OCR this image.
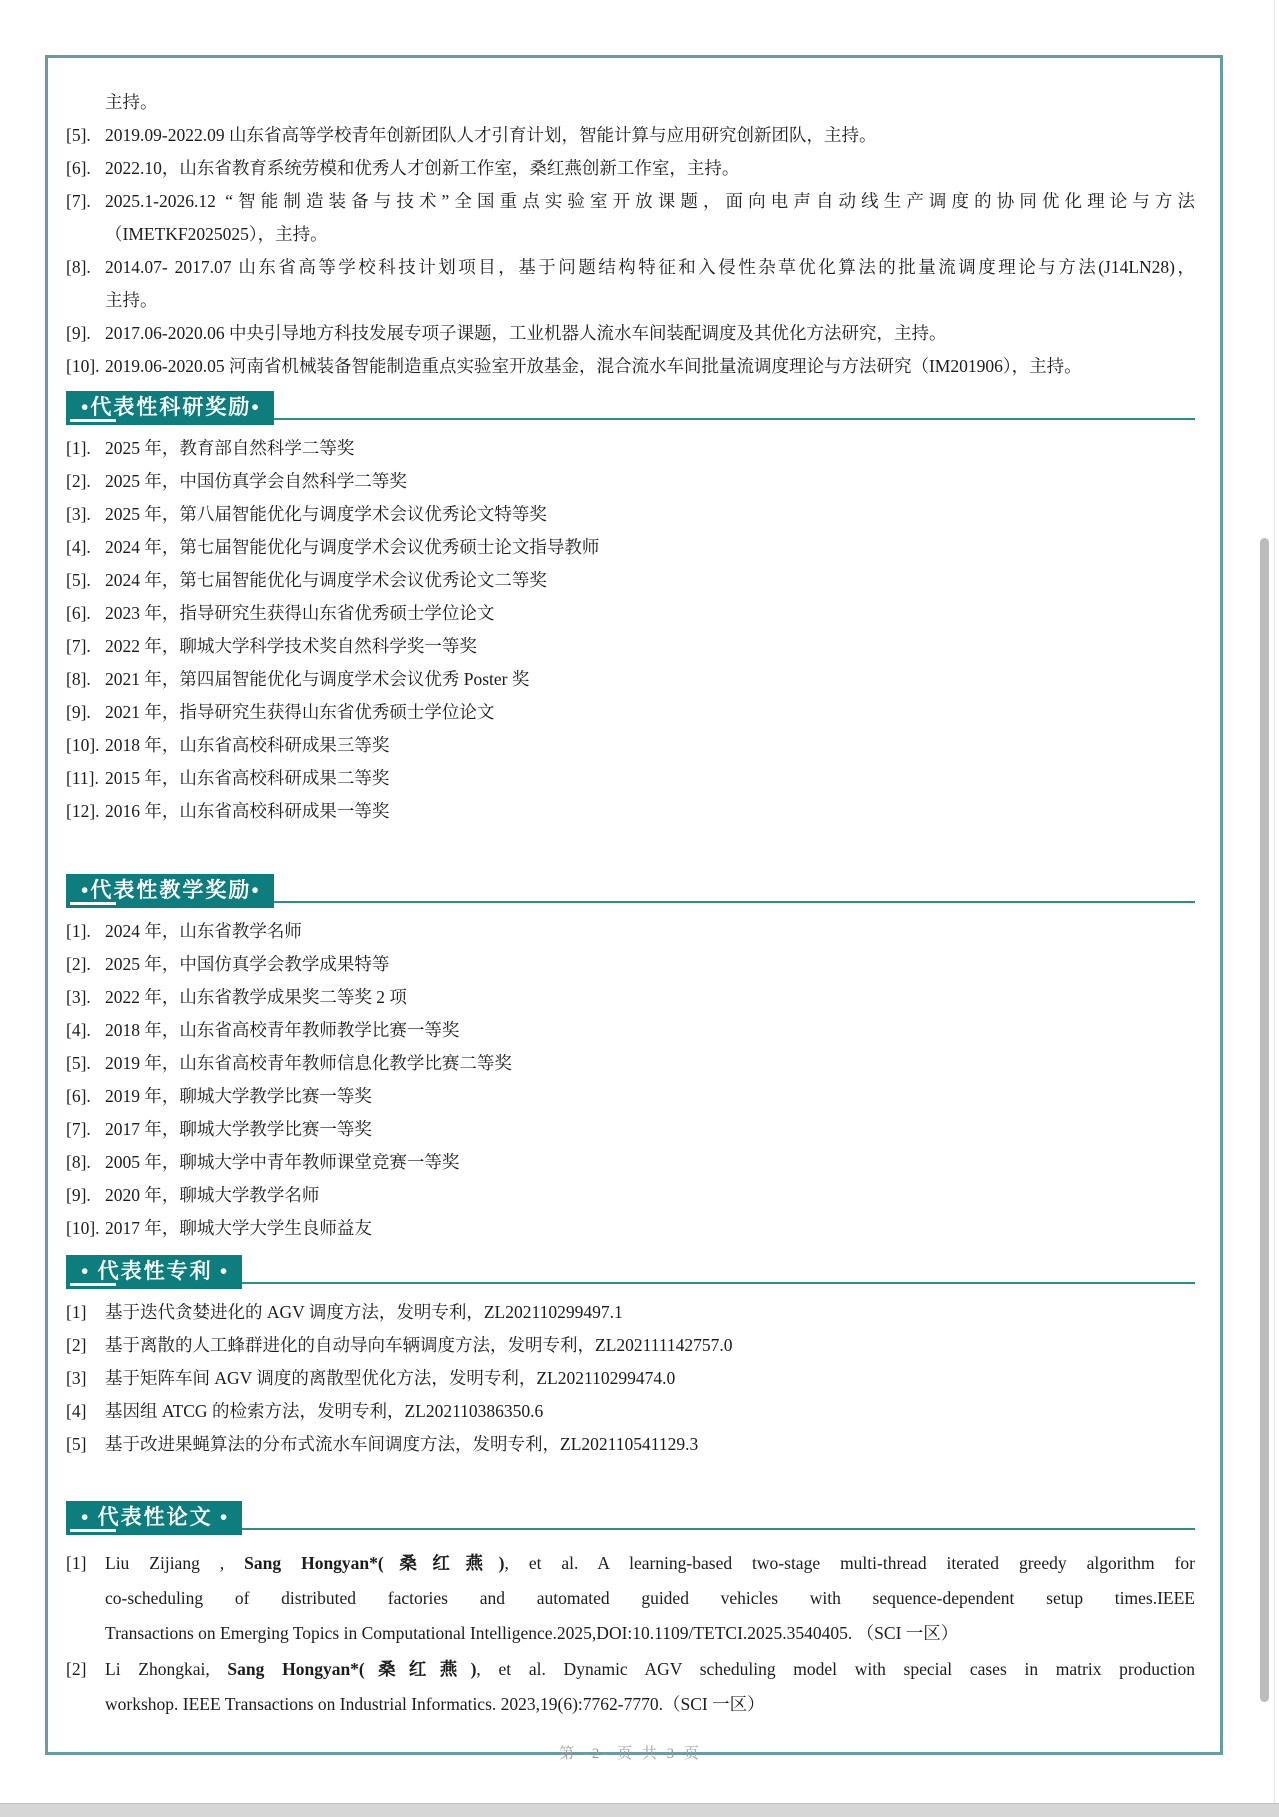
主持。
[5]. 2019.09-2022.09 山东省高等学校青年创新团队人才引育计划，智能计算与应用研究创新团队，主持。
[6]. 2022.10，山东省教育系统劳模和优秀人才创新工作室，桑红燕创新工作室，主持。
[7]. 2025.1-2026.12 “智能制造装备与技术”全国重点实验室开放课题，面向电声自动线生产调度的协同优化理论与方法
（IMETKF2025025），主持。
[8]. 2014.07- 2017.07 山东省高等学校科技计划项目，基于问题结构特征和入侵性杂草优化算法的批量流调度理论与方法(J14LN28)，
主持。
[9]. 2017.06-2020.06 中央引导地方科技发展专项子课题，工业机器人流水车间装配调度及其优化方法研究，主持。
[10]. 2019.06-2020.05 河南省机械装备智能制造重点实验室开放基金，混合流水车间批量流调度理论与方法研究（IM201906），主持。
•代表性科研奖励•
[1]. 2025 年，教育部自然科学二等奖
[2]. 2025 年，中国仿真学会自然科学二等奖
[3]. 2025 年，第八届智能优化与调度学术会议优秀论文特等奖
[4]. 2024 年，第七届智能优化与调度学术会议优秀硕士论文指导教师
[5]. 2024 年，第七届智能优化与调度学术会议优秀论文二等奖
[6]. 2023 年，指导研究生获得山东省优秀硕士学位论文
[7]. 2022 年，聊城大学科学技术奖自然科学奖一等奖
[8]. 2021 年，第四届智能优化与调度学术会议优秀 Poster 奖
[9]. 2021 年，指导研究生获得山东省优秀硕士学位论文
[10]. 2018 年，山东省高校科研成果三等奖
[11]. 2015 年，山东省高校科研成果二等奖
[12]. 2016 年，山东省高校科研成果一等奖
•代表性教学奖励•
[1]. 2024 年，山东省教学名师
[2]. 2025 年，中国仿真学会教学成果特等
[3]. 2022 年，山东省教学成果奖二等奖 2 项
[4]. 2018 年，山东省高校青年教师教学比赛一等奖
[5]. 2019 年，山东省高校青年教师信息化教学比赛二等奖
[6]. 2019 年，聊城大学教学比赛一等奖
[7]. 2017 年，聊城大学教学比赛一等奖
[8]. 2005 年，聊城大学中青年教师课堂竞赛一等奖
[9]. 2020 年，聊城大学教学名师
[10]. 2017 年，聊城大学大学生良师益友
• 代表性专利 •
[1] 基于迭代贪婪进化的 AGV 调度方法，发明专利，ZL202110299497.1
[2] 基于离散的人工蜂群进化的自动导向车辆调度方法，发明专利，ZL202111142757.0
[3] 基于矩阵车间 AGV 调度的离散型优化方法，发明专利，ZL202110299474.0
[4] 基因组 ATCG 的检索方法，发明专利，ZL202110386350.6
[5] 基于改进果蝇算法的分布式流水车间调度方法，发明专利，ZL202110541129.3
• 代表性论文 •
[1] Liu Zijiang , Sang Hongyan*(桑红燕), et al. A learning-based two-stage multi-thread iterated greedy algorithm for
co-scheduling of distributed factories and automated guided vehicles with sequence-dependent setup times.IEEE
Transactions on Emerging Topics in Computational Intelligence.2025,DOI:10.1109/TETCI.2025.3540405. （SCI 一区）
[2] Li Zhongkai, Sang Hongyan*(桑红燕), et al. Dynamic AGV scheduling model with special cases in matrix production
workshop. IEEE Transactions on Industrial Informatics. 2023,19(6):7762-7770.（SCI 一区）
第 -2- 页 共 3 页
